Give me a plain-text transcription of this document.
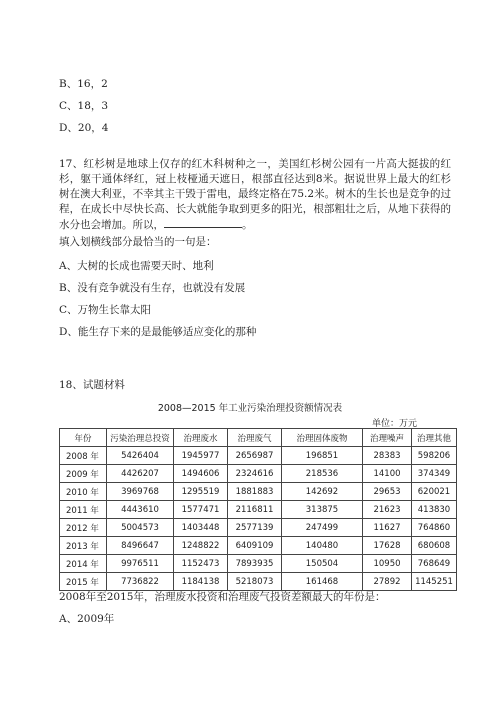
B、16，2
C、18，3
D、20，4

17、红杉树是地球上仅存的红木科树种之一，美国红杉树公园有一片高大挺拔的红杉，躯干通体绎红，冠上枝桠通天遮日，根部直径达到8米。据说世界上最大的红杉树在澳大利亚，不幸其主干毁于雷电，最终定格在75.2米。树木的生长也是竞争的过程，在成长中尽快长高、长大就能争取到更多的阳光，根部粗壮之后，从地下获得的水分也会增加。所以，	。

填入划横线部分最恰当的一句是：
A、大树的长成也需要天时、地利
B、没有竞争就没有生存，也就没有发展
C、万物生长靠太阳
D、能生存下来的是最能够适应变化的那种
18、试题材料
2008—2015 年工业污染治理投资额情况表
单位：万元
年份	污染治理总投资	治理废水	治理废气	治理固体废物	治理噪声	治理其他
2008 年	5426404	1945977	2656987	196851	28383	598206
2009 年	4426207	1494606	2324616	218536	14100	374349
2010 年	3969768	1295519	1881883	142692	29653	620021
2011 年	4443610	1577471	2116811	313875	21623	413830
2012 年	5004573	1403448	2577139	247499	11627	764860
2013 年	8496647	1248822	6409109	140480	17628	680608
2014 年	9976511	1152473	7893935	150504	10950	768649
2015 年	7736822	1184138	5218073	161468	27892	1145251
2008年至2015年，治理废水投资和治理废气投资差额最大的年份是：
A、2009年
